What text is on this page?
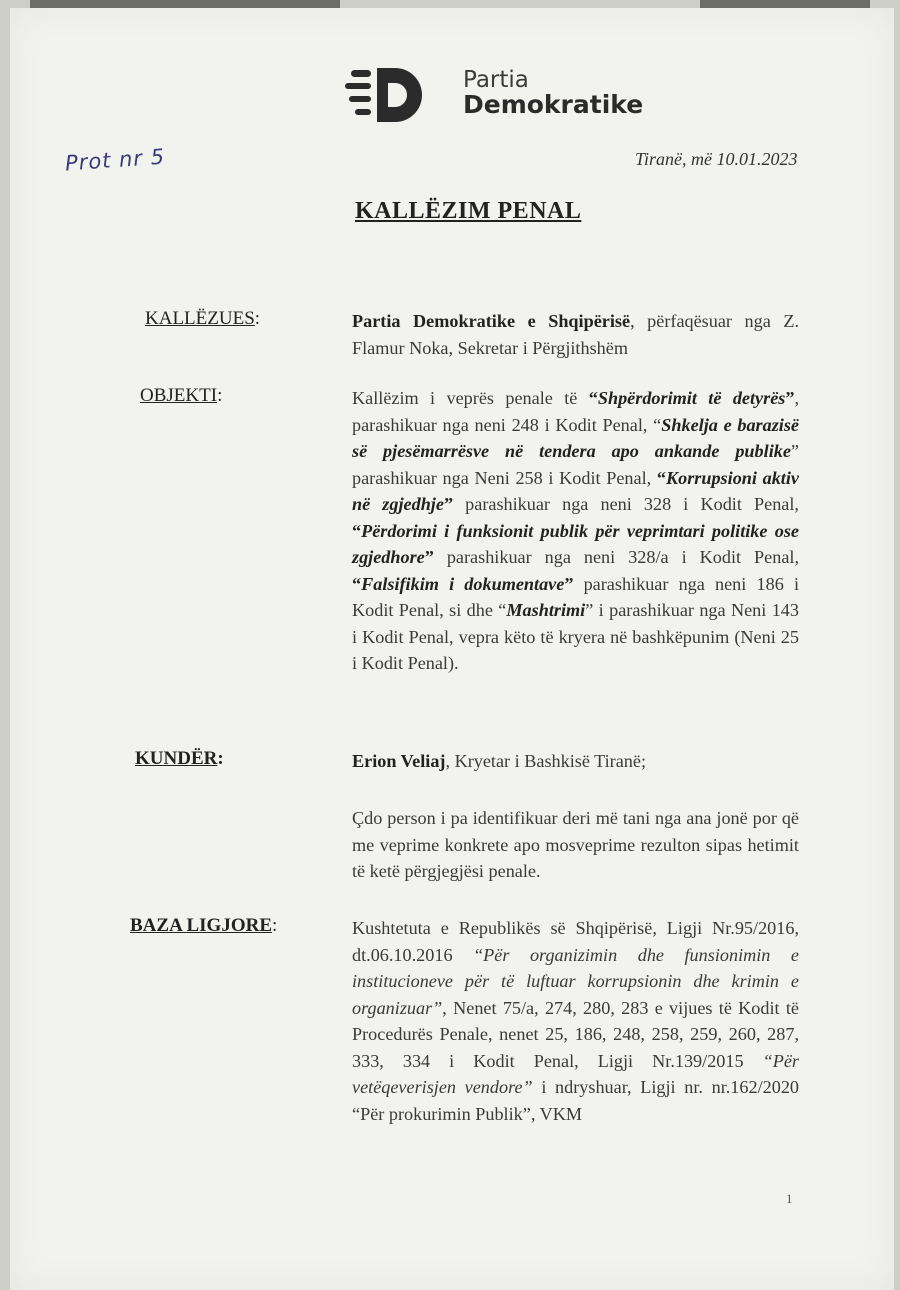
Partia
Demokratike
Prot nr 5	Tiranë, më 10.01.2023
KALLËZIM PENAL
KALLËZUES:	Partia Demokratike e Shqipërisë, përfaqësuar nga Z. Flamur Noka, Sekretar i Përgjithshëm
OBJEKTI:	Kallëzim i veprës penale të “Shpërdorimit të detyrës”, parashikuar nga neni 248 i Kodit Penal, “Shkelja e barazisë së pjesëmarrësve në tendera apo ankande publike” parashikuar nga Neni 258 i Kodit Penal, “Korrupsioni aktiv në zgjedhje” parashikuar nga neni 328 i Kodit Penal, “Përdorimi i funksionit publik për veprimtari politike ose zgjedhore” parashikuar nga neni 328/a i Kodit Penal, “Falsifikim i dokumentave” parashikuar nga neni 186 i Kodit Penal, si dhe “Mashtrimi” i parashikuar nga Neni 143 i Kodit Penal, vepra këto të kryera në bashkëpunim (Neni 25 i Kodit Penal).
KUNDËR:	Erion Veliaj, Kryetar i Bashkisë Tiranë;
Çdo person i pa identifikuar deri më tani nga ana jonë por që me veprime konkrete apo mosveprime rezulton sipas hetimit të ketë përgjegjësi penale.
BAZA LIGJORE:	Kushtetuta e Republikës së Shqipërisë, Ligji Nr.95/2016, dt.06.10.2016 “Për organizimin dhe funsionimin e institucioneve për të luftuar korrupsionin dhe krimin e organizuar”, Nenet 75/a, 274, 280, 283 e vijues të Kodit të Procedurës Penale, nenet 25, 186, 248, 258, 259, 260, 287, 333, 334 i Kodit Penal, Ligji Nr.139/2015 “Për vetëqeverisjen vendore” i ndryshuar, Ligji nr. nr.162/2020 “Për prokurimin Publik”, VKM
1
